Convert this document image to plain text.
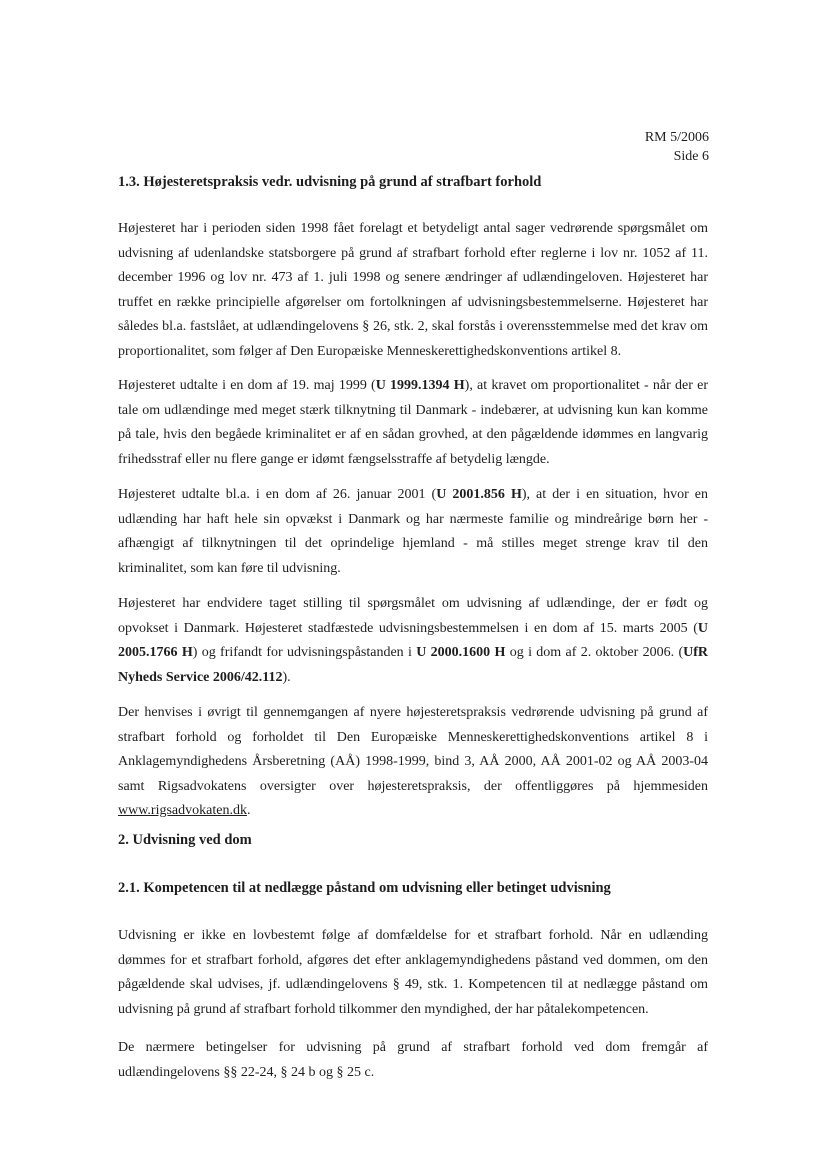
RM 5/2006
Side 6
1.3. Højesteretspraksis vedr. udvisning på grund af strafbart forhold

Højesteret har i perioden siden 1998 fået forelagt et betydeligt antal sager vedrørende spørgsmålet om udvisning af udenlandske statsborgere på grund af strafbart forhold efter reglerne i lov nr. 1052 af 11. december 1996 og lov nr. 473 af 1. juli 1998 og senere ændringer af udlændingeloven. Højesteret har truffet en række principielle afgørelser om fortolkningen af udvisningsbestemmelserne. Højesteret har således bl.a. fastslået, at udlændingelovens § 26, stk. 2, skal forstås i overensstemmelse med det krav om proportionalitet, som følger af Den Europæiske Menneskerettighedskonventions artikel 8.

Højesteret udtalte i en dom af 19. maj 1999 (U 1999.1394 H), at kravet om proportionalitet - når der er tale om udlændinge med meget stærk tilknytning til Danmark - indebærer, at udvisning kun kan komme på tale, hvis den begåede kriminalitet er af en sådan grovhed, at den pågældende idømmes en langvarig frihedsstraf eller nu flere gange er idømt fængselsstraffe af betydelig længde.

Højesteret udtalte bl.a. i en dom af 26. januar 2001 (U 2001.856 H), at der i en situation, hvor en udlænding har haft hele sin opvækst i Danmark og har nærmeste familie og mindreårige børn her - afhængigt af tilknytningen til det oprindelige hjemland - må stilles meget strenge krav til den kriminalitet, som kan føre til udvisning.

Højesteret har endvidere taget stilling til spørgsmålet om udvisning af udlændinge, der er født og opvokset i Danmark. Højesteret stadfæstede udvisningsbestemmelsen i en dom af 15. marts 2005 (U 2005.1766 H) og frifandt for udvisningspåstanden i U 2000.1600 H og i dom af 2. oktober 2006. (UfR Nyheds Service 2006/42.112).

Der henvises i øvrigt til gennemgangen af nyere højesteretspraksis vedrørende udvisning på grund af strafbart forhold og forholdet til Den Europæiske Menneskerettighedskonventions artikel 8 i Anklagemyndighedens Årsberetning (AÅ) 1998-1999, bind 3, AÅ 2000, AÅ 2001-02 og AÅ 2003-04 samt Rigsadvokatens oversigter over højesteretspraksis, der offentliggøres på hjemmesiden www.rigsadvokaten.dk.

2. Udvisning ved dom
2.1. Kompetencen til at nedlægge påstand om udvisning eller betinget udvisning

Udvisning er ikke en lovbestemt følge af domfældelse for et strafbart forhold. Når en udlænding dømmes for et strafbart forhold, afgøres det efter anklagemyndighedens påstand ved dommen, om den pågældende skal udvises, jf. udlændingelovens § 49, stk. 1. Kompetencen til at nedlægge påstand om udvisning på grund af strafbart forhold tilkommer den myndighed, der har påtalekompetencen.

De nærmere betingelser for udvisning på grund af strafbart forhold ved dom fremgår af udlændingelovens §§ 22-24, § 24 b og § 25 c.
